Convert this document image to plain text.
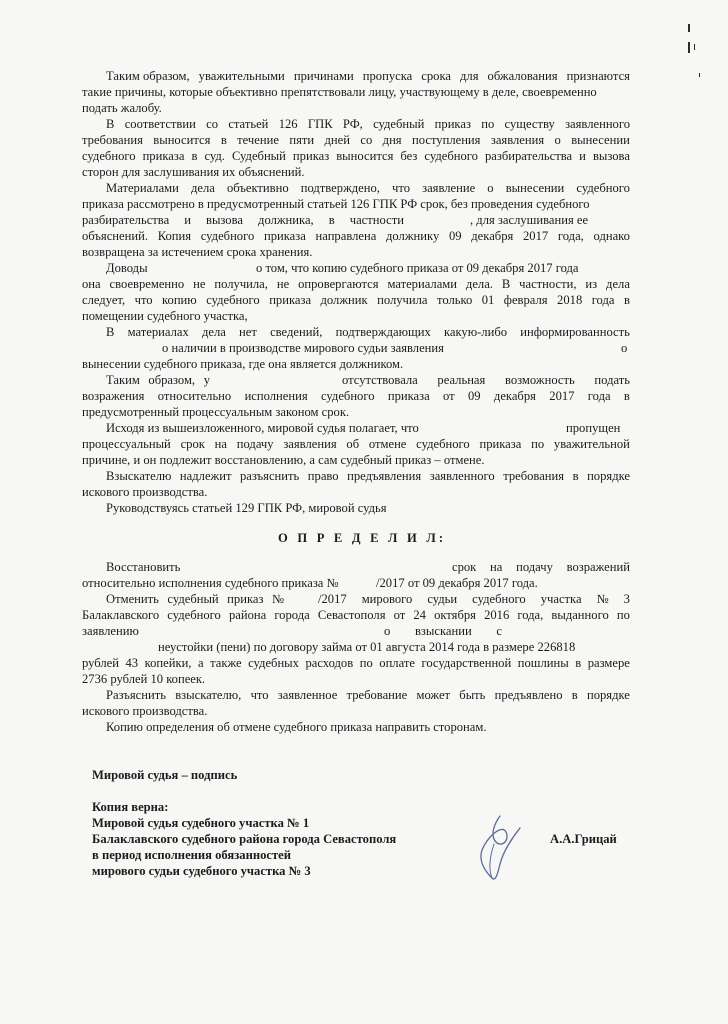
Таким образом, уважительными причинами пропуска срока для обжалования признаются
такие причины, которые объективно препятствовали лицу, участвующему в деле, своевременно
подать жалобу.
В соответствии со статьей 126 ГПК РФ, судебный приказ по существу заявленного
требования выносится в течение пяти дней со дня поступления заявления о вынесении
судебного приказа в суд. Судебный приказ выносится без судебного разбирательства и вызова
сторон для заслушивания их объяснений.
Материалами дела объективно подтверждено, что заявление о вынесении судебного
приказа рассмотрено в предусмотренный статьей 126 ГПК РФ срок, без проведения судебного
разбирательства и вызова должника, в частности	, для заслушивания ее
объяснений. Копия судебного приказа направлена должнику 09 декабря 2017 года, однако
возвращена за истечением срока хранения.
Доводы	о том, что копию судебного приказа от 09 декабря 2017 года
она своевременно не получила, не опровергаются материалами дела. В частности, из дела
следует, что копию судебного приказа должник получила только 01 февраля 2018 года в
помещении судебного участка,
В материалах дела нет сведений, подтверждающих какую-либо информированность
о наличии в производстве мирового судьи заявления	о
вынесении судебного приказа, где она является должником.
Таким образом, у	отсутствовала реальная возможность подать
возражения относительно исполнения судебного приказа от 09 декабря 2017 года в
предусмотренный процессуальным законом срок.
Исходя из вышеизложенного, мировой судья полагает, что	пропущен
процессуальный срок на подачу заявления об отмене судебного приказа по уважительной
причине, и он подлежит восстановлению, а сам судебный приказ – отмене.
Взыскателю надлежит разъяснить право предъявления заявленного требования в порядке
искового производства.
Руководствуясь статьей 129 ГПК РФ, мировой судья
О П Р Е Д Е Л И Л:
Восстановить	срок на подачу возражений
относительно исполнения судебного приказа №	/2017 от 09 декабря 2017 года.
Отменить судебный приказ №	/2017 мирового судьи судебного участка № 3
Балаклавского судебного района города Севастополя от 24 октября 2016 года, выданного по
заявлению	о взыскании с
неустойки (пени) по договору займа от 01 августа 2014 года в размере 226818
рублей 43 копейки, а также судебных расходов по оплате государственной пошлины в размере
2736 рублей 10 копеек.
Разъяснить взыскателю, что заявленное требование может быть предъявлено в порядке
искового производства.
Копию определения об отмене судебного приказа направить сторонам.
Мировой судья – подпись
Копия верна:
Мировой судья судебного участка № 1
Балаклавского судебного района города Севастополя
в период исполнения обязанностей
мирового судьи судебного участка № 3
А.А.Грицай
